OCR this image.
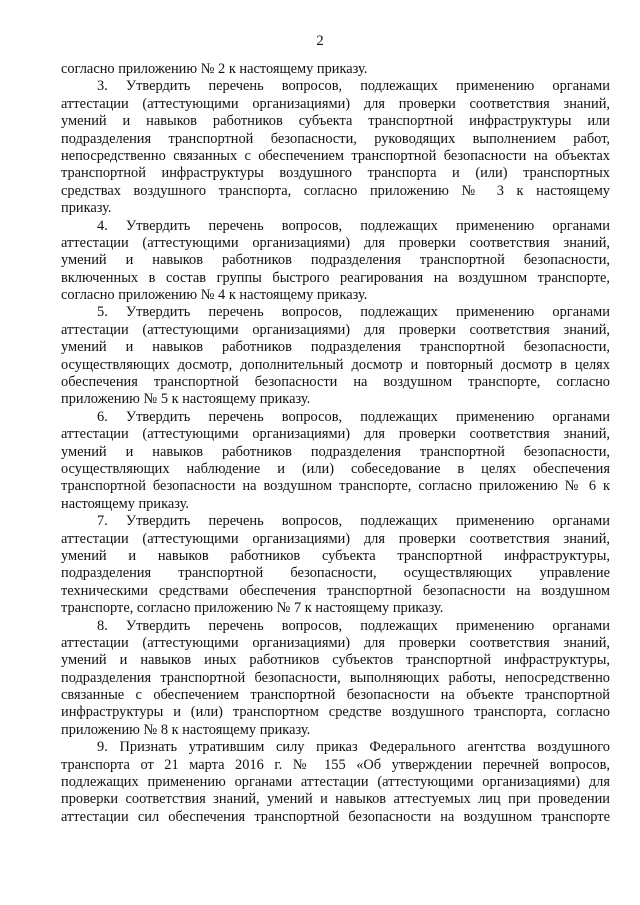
2
согласно приложению № 2 к настоящему приказу.
3. Утвердить перечень вопросов, подлежащих применению органами
аттестации (аттестующими организациями) для проверки соответствия знаний,
умений и навыков работников субъекта транспортной инфраструктуры или
подразделения транспортной безопасности, руководящих выполнением работ,
непосредственно связанных с обеспечением транспортной безопасности на объектах
транспортной инфраструктуры воздушного транспорта и (или) транспортных
средствах воздушного транспорта, согласно приложению № 3 к настоящему
приказу.
4. Утвердить перечень вопросов, подлежащих применению органами
аттестации (аттестующими организациями) для проверки соответствия знаний,
умений и навыков работников подразделения транспортной безопасности,
включенных в состав группы быстрого реагирования на воздушном транспорте,
согласно приложению № 4 к настоящему приказу.
5. Утвердить перечень вопросов, подлежащих применению органами
аттестации (аттестующими организациями) для проверки соответствия знаний,
умений и навыков работников подразделения транспортной безопасности,
осуществляющих досмотр, дополнительный досмотр и повторный досмотр в целях
обеспечения транспортной безопасности на воздушном транспорте, согласно
приложению № 5 к настоящему приказу.
6. Утвердить перечень вопросов, подлежащих применению органами
аттестации (аттестующими организациями) для проверки соответствия знаний,
умений и навыков работников подразделения транспортной безопасности,
осуществляющих наблюдение и (или) собеседование в целях обеспечения
транспортной безопасности на воздушном транспорте, согласно приложению № 6 к
настоящему приказу.
7. Утвердить перечень вопросов, подлежащих применению органами
аттестации (аттестующими организациями) для проверки соответствия знаний,
умений и навыков работников субъекта транспортной инфраструктуры,
подразделения транспортной безопасности, осуществляющих управление
техническими средствами обеспечения транспортной безопасности на воздушном
транспорте, согласно приложению № 7 к настоящему приказу.
8. Утвердить перечень вопросов, подлежащих применению органами
аттестации (аттестующими организациями) для проверки соответствия знаний,
умений и навыков иных работников субъектов транспортной инфраструктуры,
подразделения транспортной безопасности, выполняющих работы, непосредственно
связанные с обеспечением транспортной безопасности на объекте транспортной
инфраструктуры и (или) транспортном средстве воздушного транспорта, согласно
приложению № 8 к настоящему приказу.
9. Признать утратившим силу приказ Федерального агентства воздушного
транспорта от 21 марта 2016 г. № 155 «Об утверждении перечней вопросов,
подлежащих применению органами аттестации (аттестующими организациями) для
проверки соответствия знаний, умений и навыков аттестуемых лиц при проведении
аттестации сил обеспечения транспортной безопасности на воздушном транспорте
